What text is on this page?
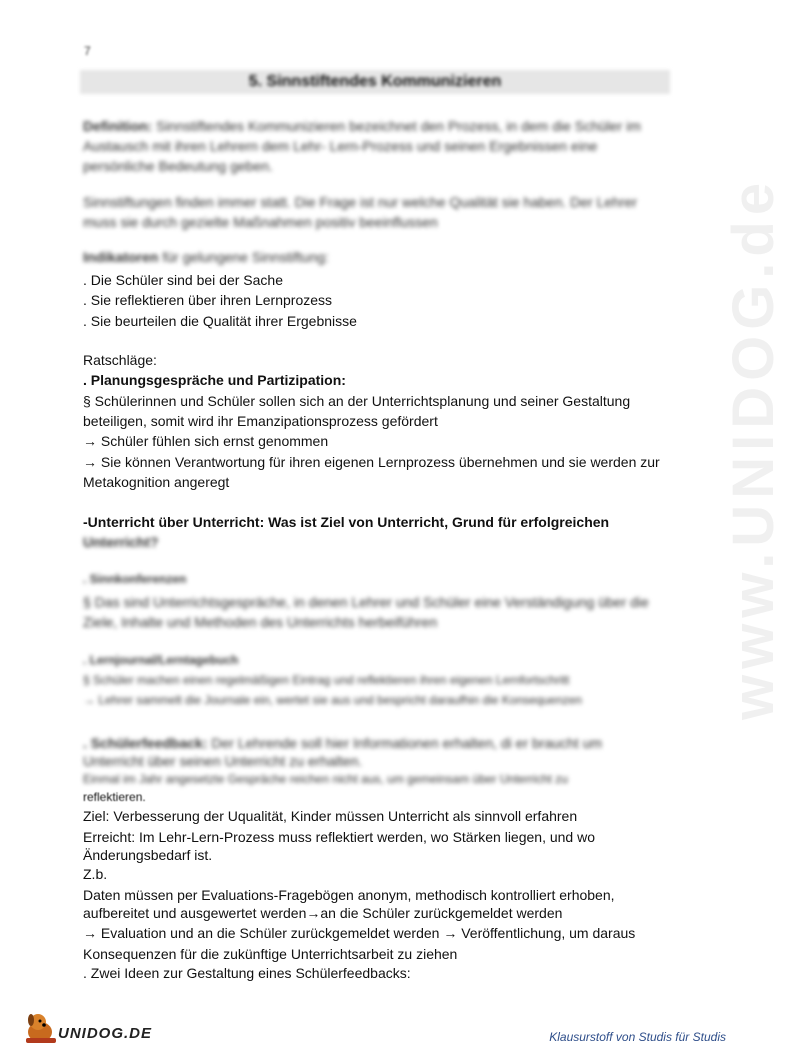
www.UNIDOG.de
7
5. Sinnstiftendes Kommunizieren
Definition: Sinnstiftendes Kommunizieren bezeichnet den Prozess, in dem die Schüler im Austausch mit ihren Lehrern dem Lehr- Lern-Prozess und seinen Ergebnissen eine persönliche Bedeutung geben.
Sinnstiftungen finden immer statt. Die Frage ist nur welche Qualität sie haben. Der Lehrer muss sie durch gezielte Maßnahmen positiv beeinflussen
Indikatoren für gelungene Sinnstiftung:
. Die Schüler sind bei der Sache
. Sie reflektieren über ihren Lernprozess
. Sie beurteilen die Qualität ihrer Ergebnisse
Ratschläge:
. Planungsgespräche und Partizipation:
§ Schülerinnen und Schüler sollen sich an der Unterrichtsplanung und seiner Gestaltung
beteiligen, somit wird ihr Emanzipationsprozess gefördert
→ Schüler fühlen sich ernst genommen
→ Sie können Verantwortung für ihren eigenen Lernprozess übernehmen und sie werden zur
Metakognition angeregt
-Unterricht über Unterricht: Was ist Ziel von Unterricht, Grund für erfolgreichen
Unterricht?
. Sinnkonferenzen
§ Das sind Unterrichtsgespräche, in denen Lehrer und Schüler eine Verständigung über die Ziele, Inhalte und Methoden des Unterrichts herbeiführen
. Lernjournal/Lerntagebuch
§ Schüler machen einen regelmäßigen Eintrag und reflektieren ihren eigenen Lernfortschritt
→ Lehrer sammelt die Journale ein, wertet sie aus und bespricht daraufhin die Konsequenzen
. Schülerfeedback: Der Lehrende soll hier Informationen erhalten, di er braucht um Unterricht über seinen Unterricht zu erhalten.
Einmal im Jahr angesetzte Gespräche reichen nicht aus, um gemeinsam über Unterricht zu
reflektieren.
Ziel: Verbesserung der Uqualität, Kinder müssen Unterricht als sinnvoll erfahren
Erreicht: Im Lehr-Lern-Prozess muss reflektiert werden, wo Stärken liegen, und wo
Änderungsbedarf ist.
Z.b.
Daten müssen per Evaluations-Fragebögen anonym, methodisch kontrolliert erhoben,
aufbereitet und ausgewertet werden→an die Schüler zurückgemeldet werden
→ Evaluation und an die Schüler zurückgemeldet werden → Veröffentlichung, um daraus
Konsequenzen für die zukünftige Unterrichtsarbeit zu ziehen
. Zwei Ideen zur Gestaltung eines Schülerfeedbacks:
UNIDOG.DE	Klausurstoff von Studis für Studis
